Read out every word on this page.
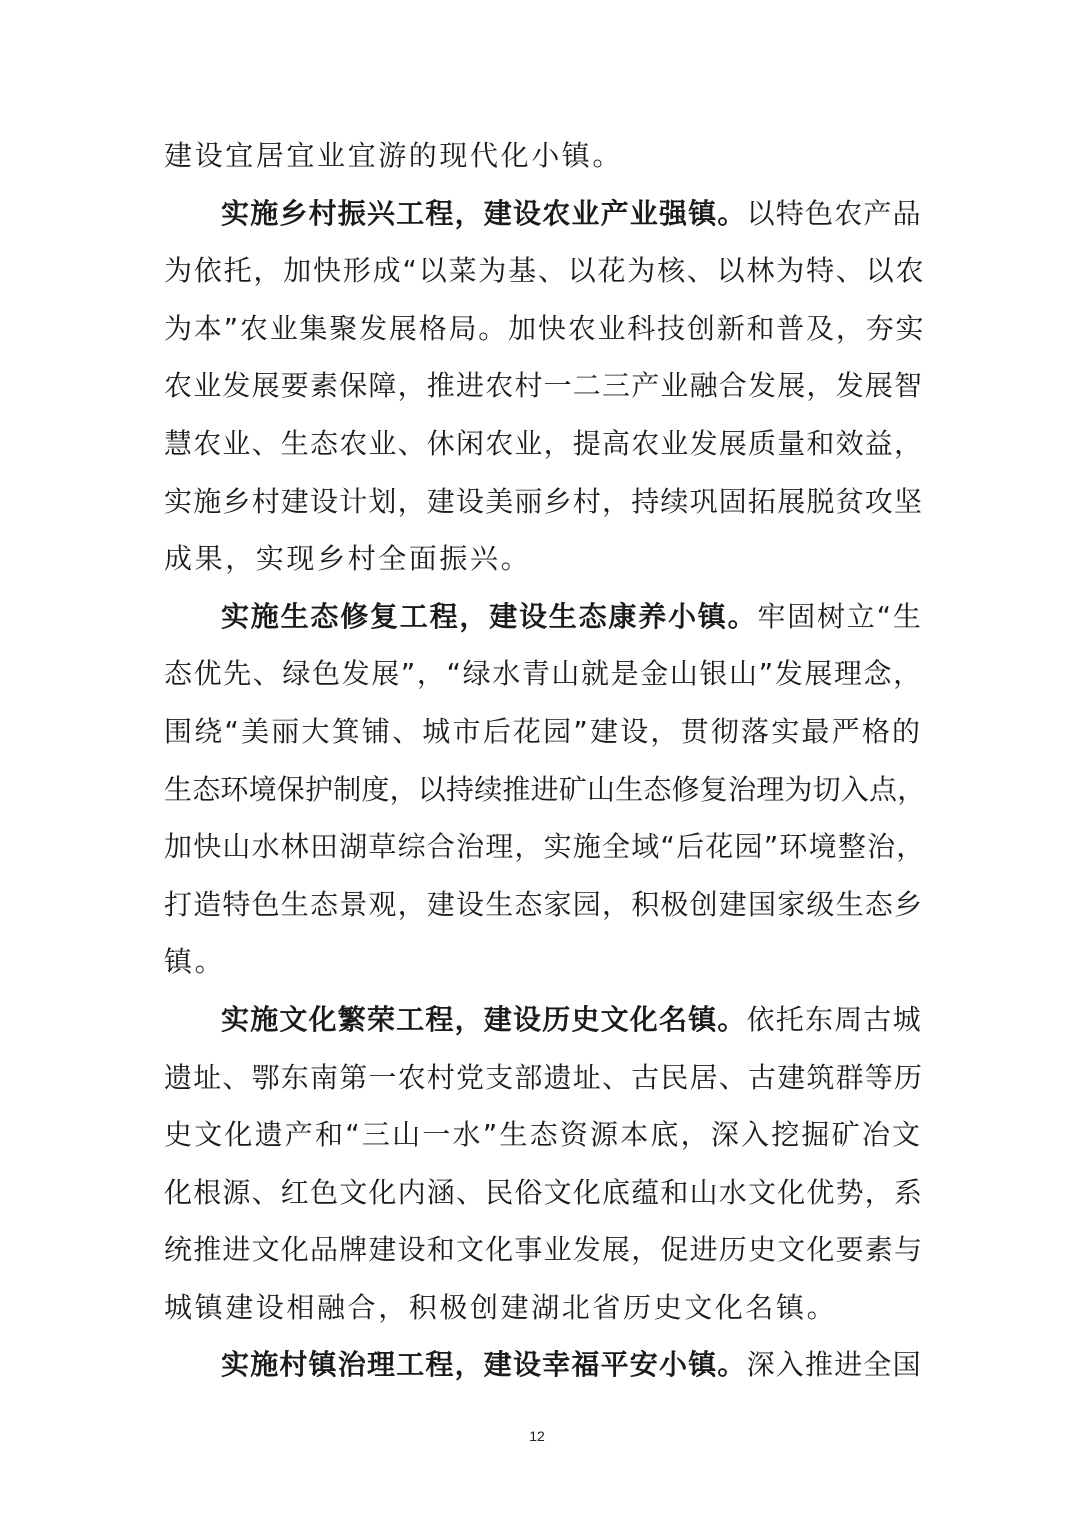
建设宜居宜业宜游的现代化小镇。
实施乡村振兴工程，建设农业产业强镇。以特色农产品
为依托，加快形成“以菜为基、以花为核、以林为特、以农
为本”农业集聚发展格局。加快农业科技创新和普及，夯实
农业发展要素保障，推进农村一二三产业融合发展，发展智
慧农业、生态农业、休闲农业，提高农业发展质量和效益，
实施乡村建设计划，建设美丽乡村，持续巩固拓展脱贫攻坚
成果，实现乡村全面振兴。
实施生态修复工程，建设生态康养小镇。牢固树立“生
态优先、绿色发展”，“绿水青山就是金山银山”发展理念，
围绕“美丽大箕铺、城市后花园”建设，贯彻落实最严格的
生态环境保护制度，以持续推进矿山生态修复治理为切入点，
加快山水林田湖草综合治理，实施全域“后花园”环境整治，
打造特色生态景观，建设生态家园，积极创建国家级生态乡
镇。
实施文化繁荣工程，建设历史文化名镇。依托东周古城
遗址、鄂东南第一农村党支部遗址、古民居、古建筑群等历
史文化遗产和“三山一水”生态资源本底，深入挖掘矿冶文
化根源、红色文化内涵、民俗文化底蕴和山水文化优势，系
统推进文化品牌建设和文化事业发展，促进历史文化要素与
城镇建设相融合，积极创建湖北省历史文化名镇。
实施村镇治理工程，建设幸福平安小镇。深入推进全国
12
